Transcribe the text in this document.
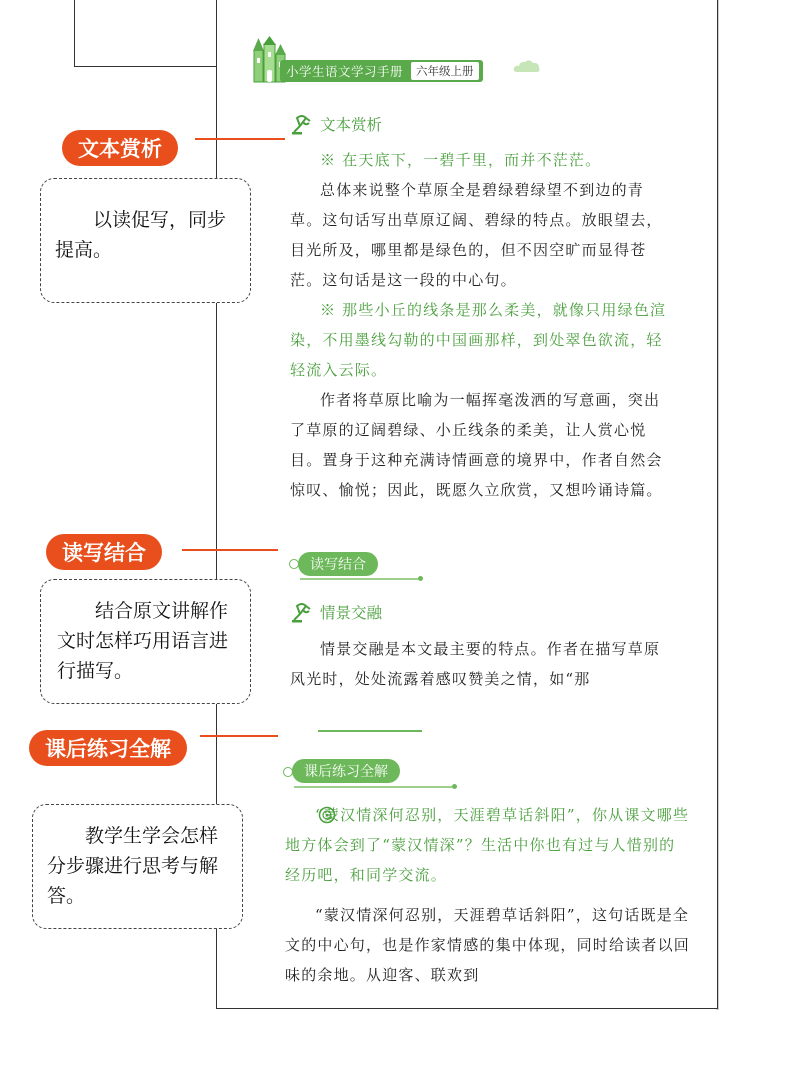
小学生语文学习手册	六年级上册
文本赏析

※ 在天底下，一碧千里，而并不茫茫。

总体来说整个草原全是碧绿碧绿望不到边的青草。这句话写出草原辽阔、碧绿的特点。放眼望去，目光所及，哪里都是绿色的，但不因空旷而显得苍茫。这句话是这一段的中心句。

※ 那些小丘的线条是那么柔美，就像只用绿色渲染，不用墨线勾勒的中国画那样，到处翠色欲流，轻轻流入云际。

作者将草原比喻为一幅挥毫泼洒的写意画，突出了草原的辽阔碧绿、小丘线条的柔美，让人赏心悦目。置身于这种充满诗情画意的境界中，作者自然会惊叹、愉悦；因此，既愿久立欣赏，又想吟诵诗篇。

读写结合
情景交融

情景交融是本文最主要的特点。作者在描写草原风光时，处处流露着感叹赞美之情，如“那

课后练习全解

“蒙汉情深何忍别，天涯碧草话斜阳”，你从课文哪些地方体会到了“蒙汉情深”？生活中你也有过与人惜别的经历吧，和同学交流。

“蒙汉情深何忍别，天涯碧草话斜阳”，这句话既是全文的中心句，也是作家情感的集中体现，同时给读者以回味的余地。从迎客、联欢到

文本赏析

以读促写，同步提高。

读写结合

结合原文讲解作文时怎样巧用语言进行描写。

课后练习全解

教学生学会怎样分步骤进行思考与解答。
